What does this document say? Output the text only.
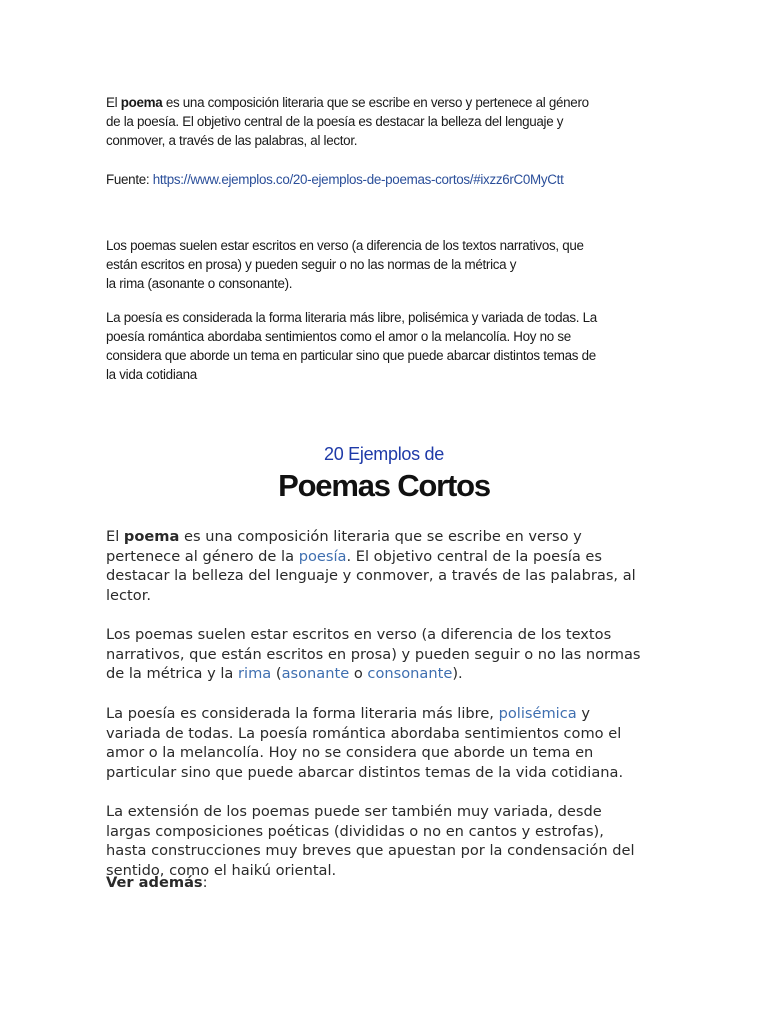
El poema es una composición literaria que se escribe en verso y pertenece al género
de la poesía. El objetivo central de la poesía es destacar la belleza del lenguaje y
conmover, a través de las palabras, al lector.

Fuente: https://www.ejemplos.co/20-ejemplos-de-poemas-cortos/#ixzz6rC0MyCtt

Los poemas suelen estar escritos en verso (a diferencia de los textos narrativos, que
están escritos en prosa) y pueden seguir o no las normas de la métrica y
la rima (asonante o consonante).

La poesía es considerada la forma literaria más libre, polisémica y variada de todas. La
poesía romántica abordaba sentimientos como el amor o la melancolía. Hoy no se
considera que aborde un tema en particular sino que puede abarcar distintos temas de
la vida cotidiana

20 Ejemplos de
Poemas Cortos

El poema es una composición literaria que se escribe en verso y
pertenece al género de la poesía. El objetivo central de la poesía es
destacar la belleza del lenguaje y conmover, a través de las palabras, al
lector.

Los poemas suelen estar escritos en verso (a diferencia de los textos
narrativos, que están escritos en prosa) y pueden seguir o no las normas
de la métrica y la rima (asonante o consonante).

La poesía es considerada la forma literaria más libre, polisémica y
variada de todas. La poesía romántica abordaba sentimientos como el
amor o la melancolía. Hoy no se considera que aborde un tema en
particular sino que puede abarcar distintos temas de la vida cotidiana.

La extensión de los poemas puede ser también muy variada, desde
largas composiciones poéticas (divididas o no en cantos y estrofas),
hasta construcciones muy breves que apuestan por la condensación del
sentido, como el haikú oriental.

Ver además:
